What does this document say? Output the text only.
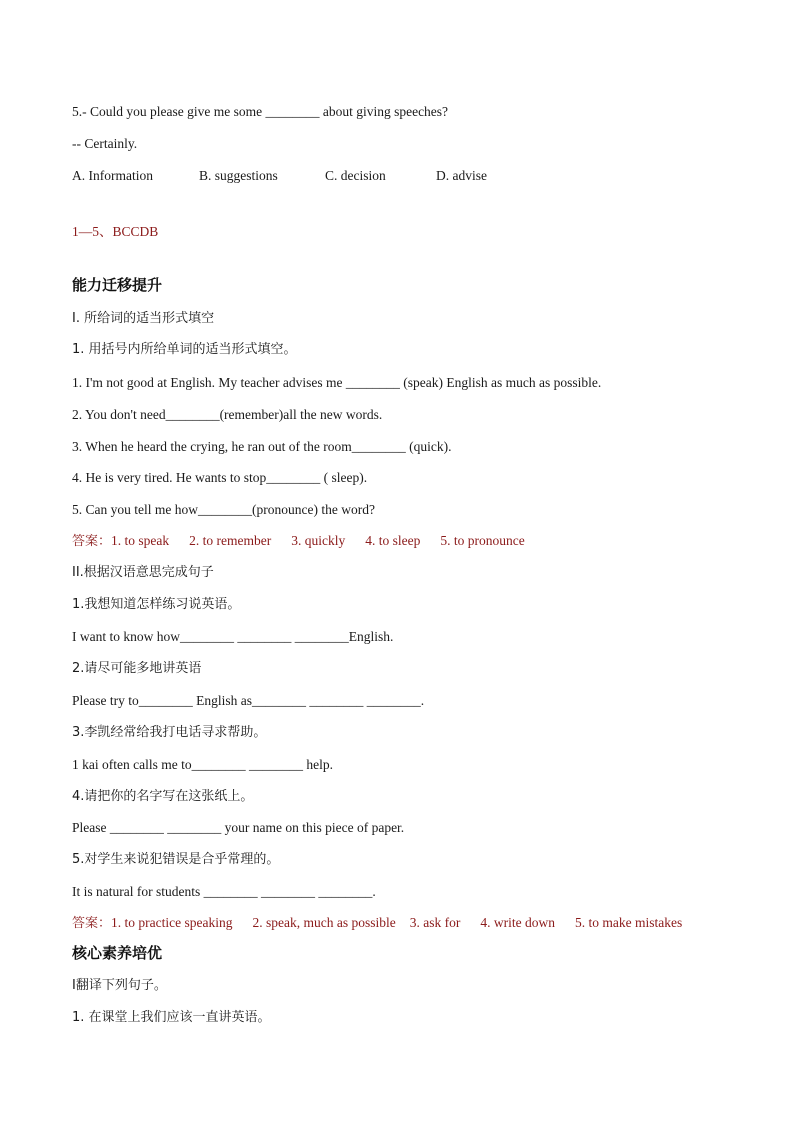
5.- Could you please give me some ________ about giving speeches?
-- Certainly.
A. Information	B. suggestions	C. decision	D. advise
1—5、BCCDB
能力迁移提升
I. 所给词的适当形式填空
1. 用括号内所给单词的适当形式填空。
1. I'm not good at English. My teacher advises me ________ (speak) English as much as possible.
2. You don't need________(remember)all the new words.
3. When he heard the crying, he ran out of the room________ (quick).
4. He is very tired. He wants to stop________ ( sleep).
5. Can you tell me how________(pronounce) the word?
答案：1. to speak 2. to remember 3. quickly 4. to sleep 5. to pronounce
II.根据汉语意思完成句子
1.我想知道怎样练习说英语。
I want to know how________ ________ ________English.
2.请尽可能多地讲英语
Please try to________ English as________ ________ ________.
3.李凯经常给我打电话寻求帮助。
1 kai often calls me to________ ________ help.
4.请把你的名字写在这张纸上。
Please ________ ________ your name on this piece of paper.
5.对学生来说犯错误是合乎常理的。
It is natural for students ________ ________ ________.
答案：1. to practice speaking 2. speak, much as possible 3. ask for 4. write down 5. to make mistakes
核心素养培优
I翻译下列句子。
1. 在课堂上我们应该一直讲英语。
